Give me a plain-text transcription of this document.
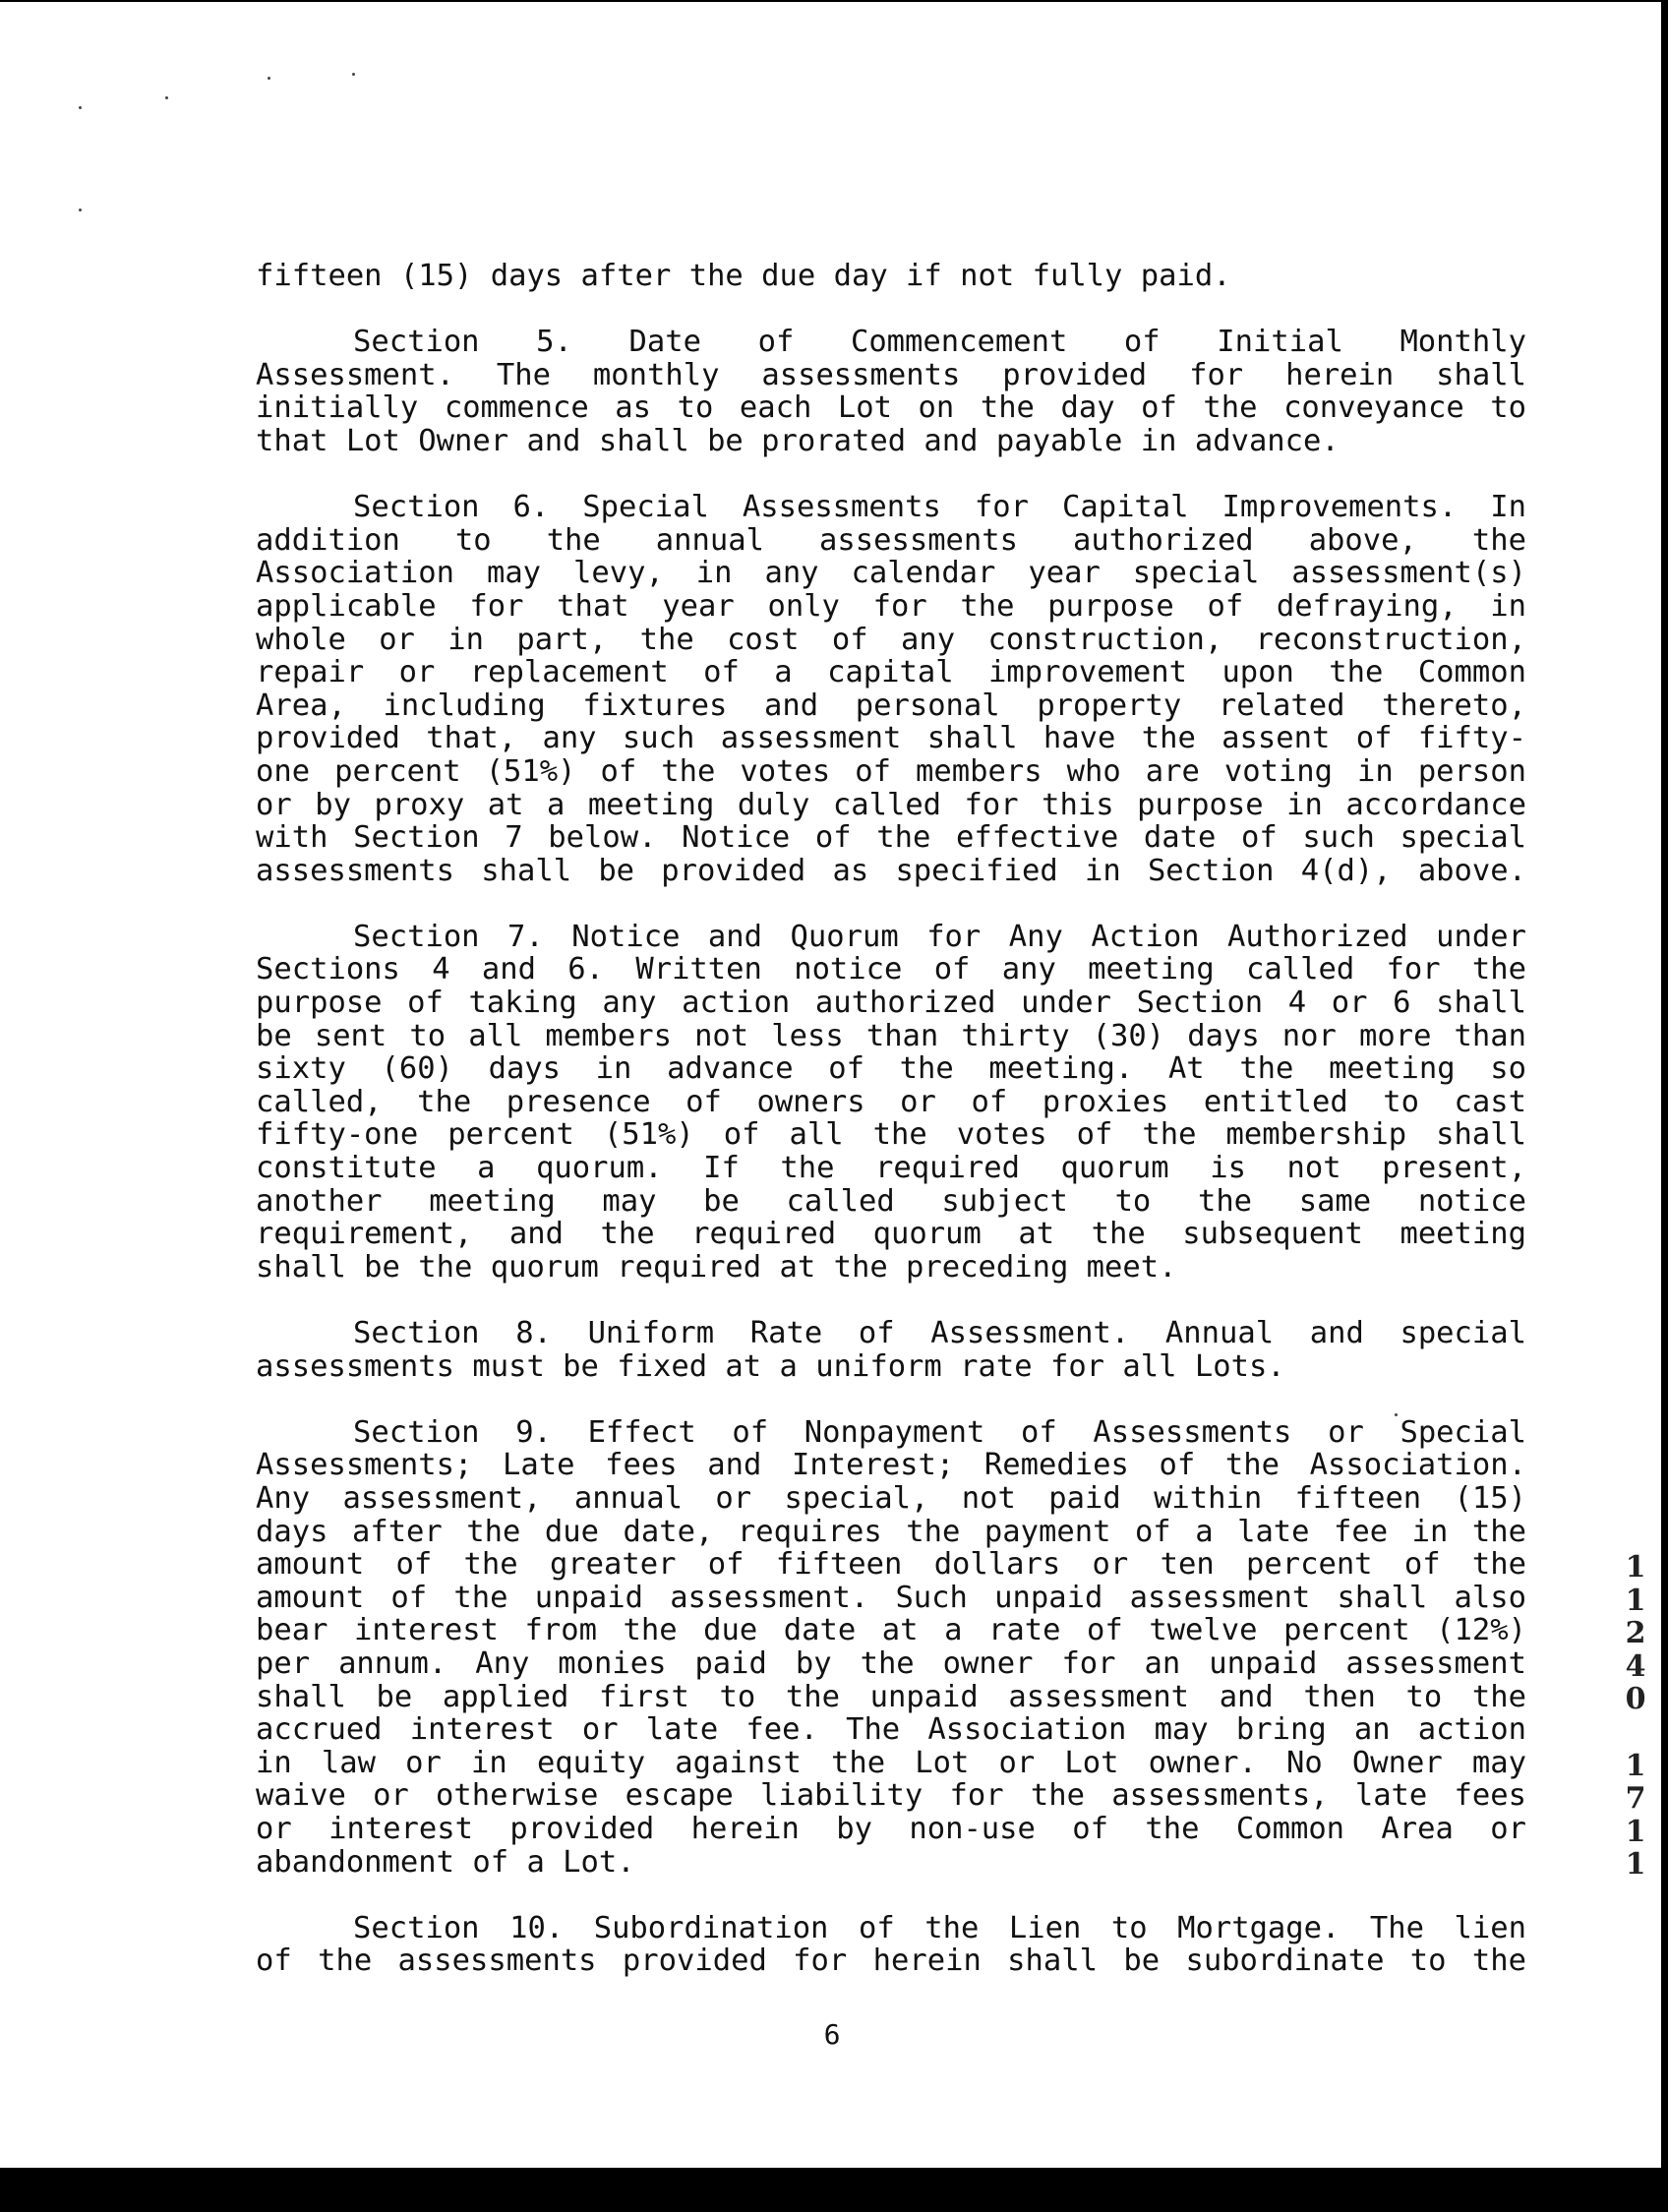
fifteen (15) days after the due day if not fully paid.
Section 5. Date of Commencement of Initial Monthly
Assessment. The monthly assessments provided for herein shall
initially commence as to each Lot on the day of the conveyance to
that Lot Owner and shall be prorated and payable in advance.
Section 6. Special Assessments for Capital Improvements. In
addition to the annual assessments authorized above, the
Association may levy, in any calendar year special assessment(s)
applicable for that year only for the purpose of defraying, in
whole or in part, the cost of any construction, reconstruction,
repair or replacement of a capital improvement upon the Common
Area, including fixtures and personal property related thereto,
provided that, any such assessment shall have the assent of fifty-
one percent (51%) of the votes of members who are voting in person
or by proxy at a meeting duly called for this purpose in accordance
with Section 7 below. Notice of the effective date of such special
assessments shall be provided as specified in Section 4(d), above.
Section 7. Notice and Quorum for Any Action Authorized under
Sections 4 and 6. Written notice of any meeting called for the
purpose of taking any action authorized under Section 4 or 6 shall
be sent to all members not less than thirty (30) days nor more than
sixty (60) days in advance of the meeting. At the meeting so
called, the presence of owners or of proxies entitled to cast
fifty-one percent (51%) of all the votes of the membership shall
constitute a quorum. If the required quorum is not present,
another meeting may be called subject to the same notice
requirement, and the required quorum at the subsequent meeting
shall be the quorum required at the preceding meet.
Section 8. Uniform Rate of Assessment. Annual and special
assessments must be fixed at a uniform rate for all Lots.
Section 9. Effect of Nonpayment of Assessments or Special
Assessments; Late fees and Interest; Remedies of the Association.
Any assessment, annual or special, not paid within fifteen (15)
days after the due date, requires the payment of a late fee in the
amount of the greater of fifteen dollars or ten percent of the
amount of the unpaid assessment. Such unpaid assessment shall also
bear interest from the due date at a rate of twelve percent (12%)
per annum. Any monies paid by the owner for an unpaid assessment
shall be applied first to the unpaid assessment and then to the
accrued interest or late fee. The Association may bring an action
in law or in equity against the Lot or Lot owner. No Owner may
waive or otherwise escape liability for the assessments, late fees
or interest provided herein by non-use of the Common Area or
abandonment of a Lot.
Section 10. Subordination of the Lien to Mortgage. The lien
of the assessments provided for herein shall be subordinate to the
1
1
2
4
0
1
7
1
1
6
